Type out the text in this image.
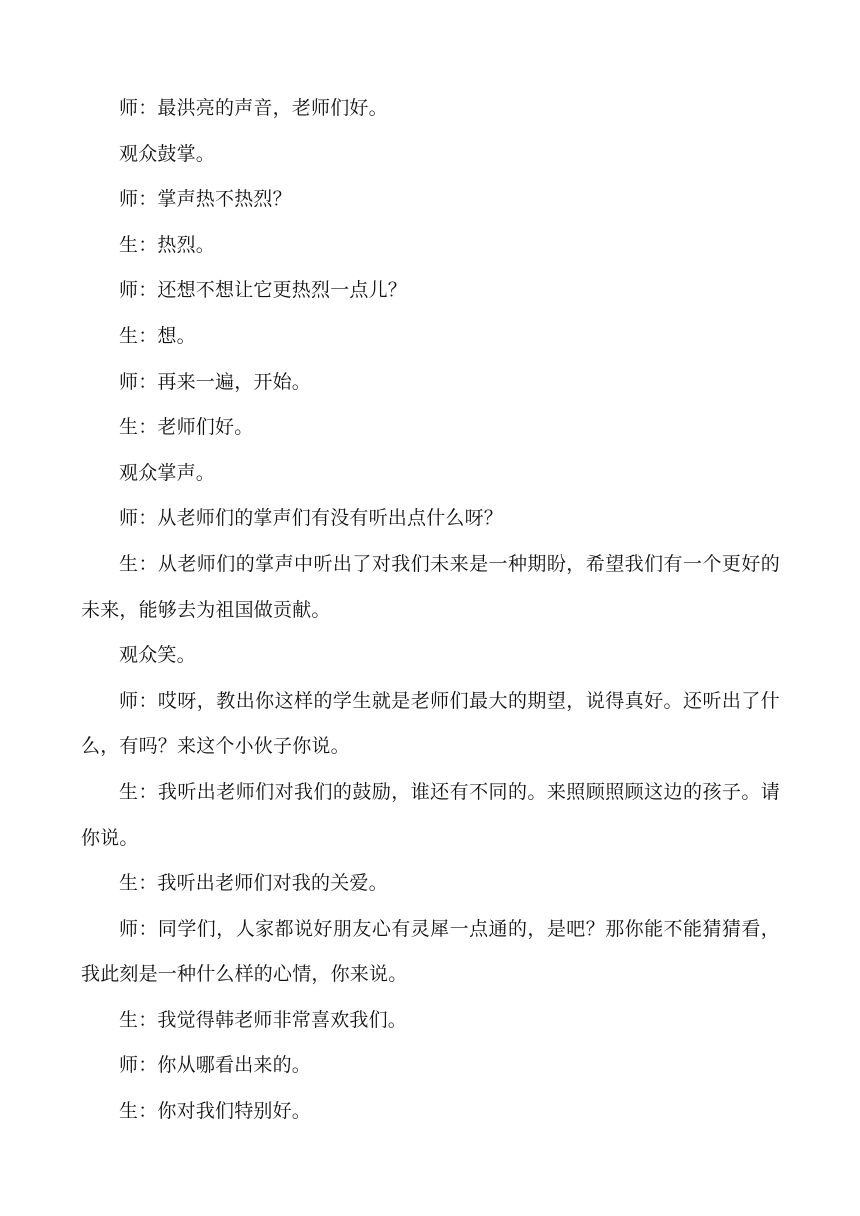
师：最洪亮的声音，老师们好。

观众鼓掌。

师：掌声热不热烈？

生：热烈。

师：还想不想让它更热烈一点儿？

生：想。

师：再来一遍，开始。

生：老师们好。

观众掌声。

师：从老师们的掌声们有没有听出点什么呀？

生：从老师们的掌声中听出了对我们未来是一种期盼，希望我们有一个更好的未来，能够去为祖国做贡献。

观众笑。

师：哎呀，教出你这样的学生就是老师们最大的期望，说得真好。还听出了什么，有吗？来这个小伙子你说。

生：我听出老师们对我们的鼓励，谁还有不同的。来照顾照顾这边的孩子。请你说。

生：我听出老师们对我的关爱。

师：同学们，人家都说好朋友心有灵犀一点通的，是吧？那你能不能猜猜看，我此刻是一种什么样的心情，你来说。

生：我觉得韩老师非常喜欢我们。

师：你从哪看出来的。

生：你对我们特别好。
